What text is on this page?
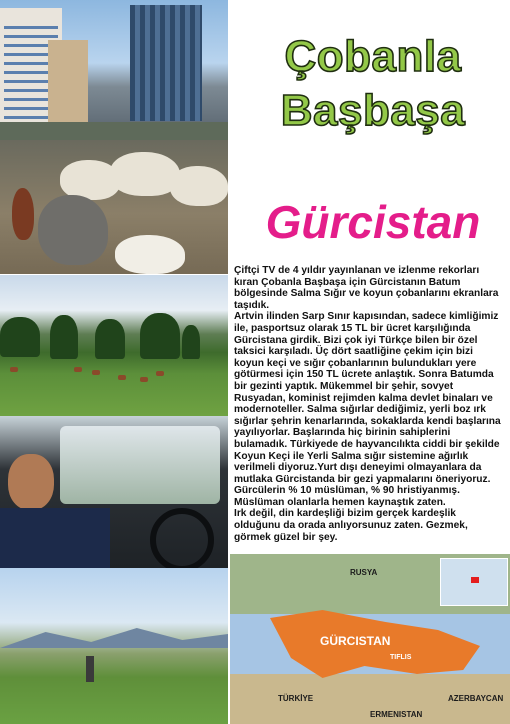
Çobanla
Başbaşa
Gürcistan

Çiftçi TV de 4 yıldır yayınlanan ve izlenme rekorları kıran Çobanla Başbaşa için Gürcistanın Batum bölgesinde Salma Sığır ve koyun çobanlarını ekranlara taşıdık.

Artvin ilinden Sarp Sınır kapısından, sadece kimliğimiz ile, pasportsuz olarak 15 TL bir ücret karşılığında Gürcistana girdik. Bizi çok iyi Türkçe bilen bir özel taksici karşıladı. Üç dört saatliğine çekim için bizi koyun keçi ve sığır çobanlarının bulundukları yere götürmesi için 150 TL ücrete anlaştık. Sonra Batumda bir gezinti yaptık. Mükemmel bir şehir, sovyet Rusyadan, kominist rejimden kalma devlet binaları ve modernoteller. Salma sığırlar dediğimiz, yerli boz ırk sığırlar şehrin kenarlarında, sokaklarda kendi başlarına yayılıyorlar. Başlarında hiç birinin sahiplerini bulamadık. Türkiyede de hayvancılıkta ciddi bir şekilde Koyun Keçi ile Yerli Salma sığır sistemine ağırlık verilmeli diyoruz.Yurt dışı deneyimi olmayanlara da mutlaka Gürcistanda bir gezi yapmalarını öneriyoruz. Gürcülerin % 10 müslüman, % 90 hristiyanmış. Müslüman olanlarla hemen kaynaştık zaten.

Irk değil, din kardeşliği bizim gerçek kardeşlik olduğunu da orada anlıyorsunuz zaten. Gezmek, görmek güzel bir şey.

RUSYA
GÜRCISTAN
TIFLIS
TÜRKİYE
ERMENISTAN
AZERBAYCAN
